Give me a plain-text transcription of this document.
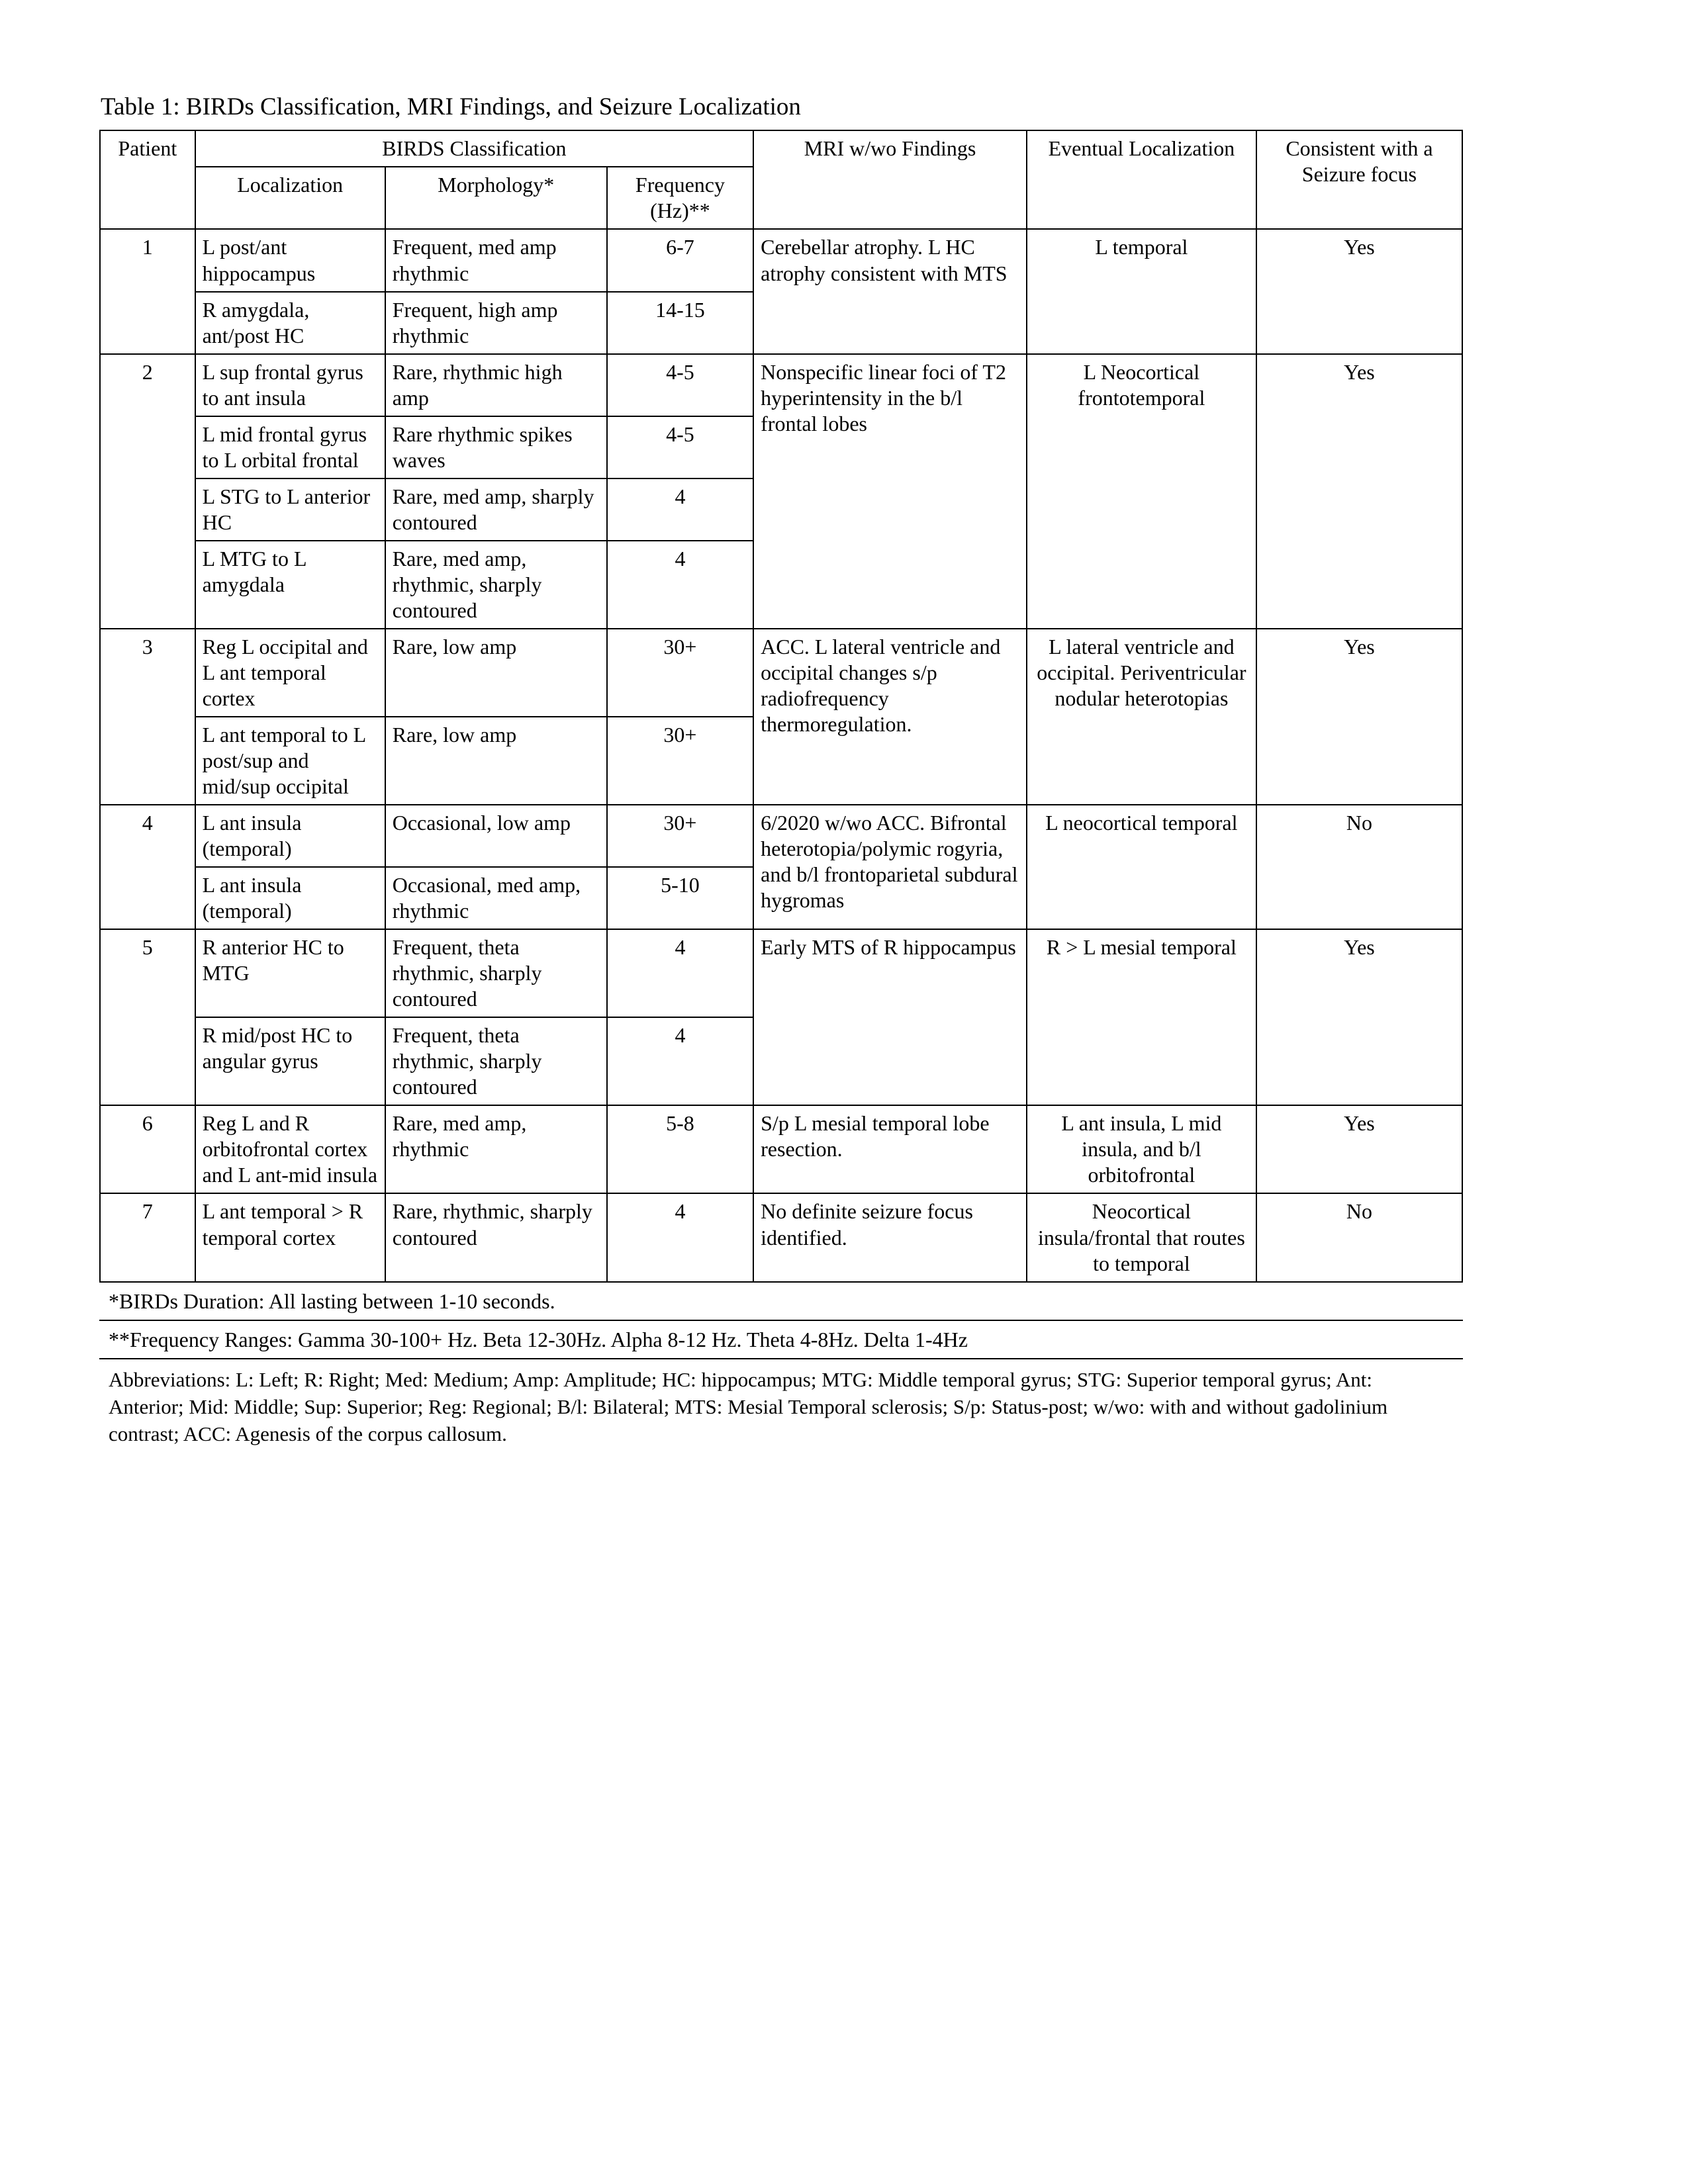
Table 1: BIRDs Classification, MRI Findings, and Seizure Localization
Patient	BIRDS Classification			MRI w/wo Findings	Eventual Localization	Consistent with a Seizure focus
	Localization	Morphology*	Frequency (Hz)**			
1	L post/ant hippocampus	Frequent, med amp rhythmic	6-7	Cerebellar atrophy. L HC atrophy consistent with MTS	L temporal	Yes
	R amygdala, ant/post HC	Frequent, high amp rhythmic	14-15			
2	L sup frontal gyrus to ant insula	Rare, rhythmic high amp	4-5	Nonspecific linear foci of T2 hyperintensity in the b/l frontal lobes	L Neocortical frontotemporal	Yes
	L mid frontal gyrus to L orbital frontal	Rare rhythmic spikes waves	4-5			
	L STG to L anterior HC	Rare, med amp, sharply contoured	4			
	L MTG to L amygdala	Rare, med amp, rhythmic, sharply contoured	4			
3	Reg L occipital and L ant temporal cortex	Rare, low amp	30+	ACC. L lateral ventricle and occipital changes s/p radiofrequency thermoregulation.	L lateral ventricle and occipital. Periventricular nodular heterotopias	Yes
	L ant temporal to L post/sup and mid/sup occipital	Rare, low amp	30+			
4	L ant insula (temporal)	Occasional, low amp	30+	6/2020 w/wo ACC. Bifrontal heterotopia/polymic rogyria, and b/l frontoparietal subdural hygromas	L neocortical temporal	No
	L ant insula (temporal)	Occasional, med amp, rhythmic	5-10			
5	R anterior HC to MTG	Frequent, theta rhythmic, sharply contoured	4	Early MTS of R hippocampus	R > L mesial temporal	Yes
	R mid/post HC to angular gyrus	Frequent, theta rhythmic, sharply contoured	4			
6	Reg L and R orbitofrontal cortex and L ant-mid insula	Rare, med amp, rhythmic	5-8	S/p L mesial temporal lobe resection.	L ant insula, L mid insula, and b/l orbitofrontal	Yes
7	L ant temporal > R temporal cortex	Rare, rhythmic, sharply contoured	4	No definite seizure focus identified.	Neocortical insula/frontal that routes to temporal	No
*BIRDs Duration: All lasting between 1-10 seconds.
**Frequency Ranges: Gamma 30-100+ Hz. Beta 12-30Hz. Alpha 8-12 Hz. Theta 4-8Hz. Delta 1-4Hz
Abbreviations: L: Left; R: Right; Med: Medium; Amp: Amplitude; HC: hippocampus; MTG: Middle temporal gyrus; STG: Superior temporal gyrus; Ant: Anterior; Mid: Middle; Sup: Superior; Reg: Regional; B/l: Bilateral; MTS: Mesial Temporal sclerosis; S/p: Status-post; w/wo: with and without gadolinium contrast; ACC: Agenesis of the corpus callosum.
